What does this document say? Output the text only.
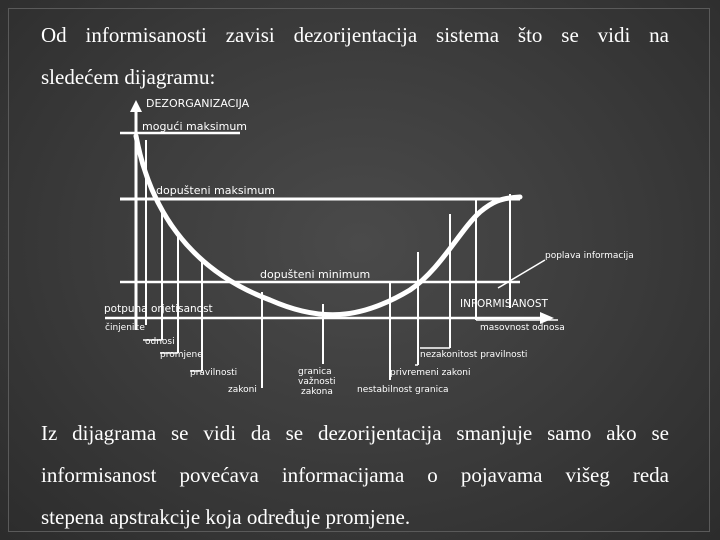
Od informisanosti zavisi dezorijentacija sistema što se vidi na

sledećem dijagramu:

DEZORGANIZACIJA
mogući maksimum
dopušteni maksimum
dopušteni minimum
potpuna orjetisanost
poplava informacija
INFORMISANOST
činjenice
odnosi
promjene
pravilnosti
zakoni
granica
važnosti
zakona	nestabilnost granica
privremeni zakoni
nezakonitost pravilnosti
masovnost odnosa

Iz dijagrama se vidi da se dezorijentacija smanjuje samo ako se
informisanost povećava informacijama o pojavama višeg reda

stepena apstrakcije koja određuje promjene.
